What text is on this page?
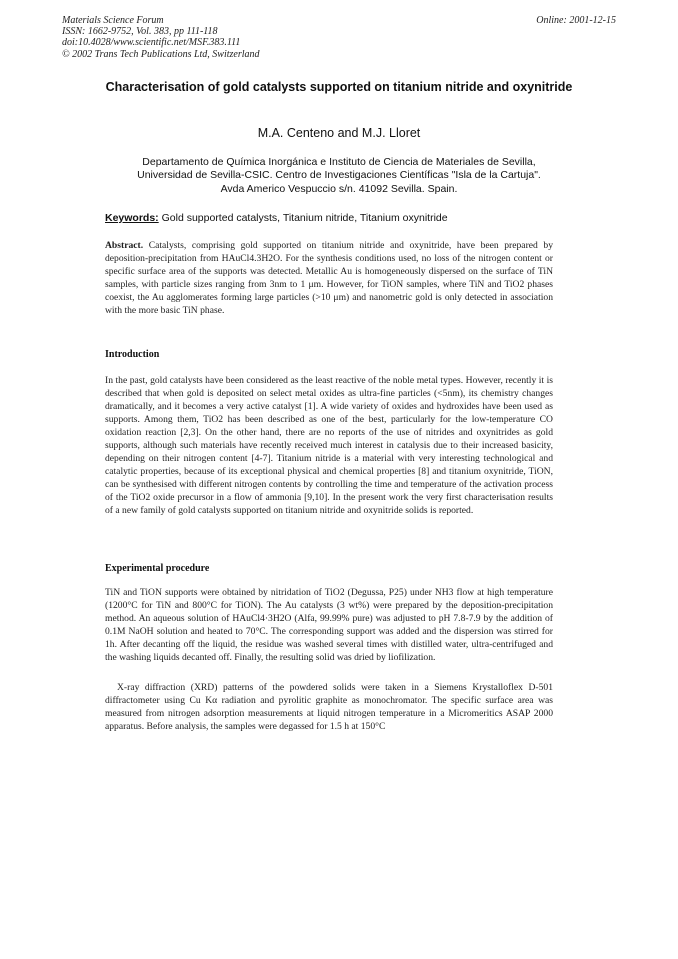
Materials Science Forum
ISSN: 1662-9752, Vol. 383, pp 111-118
doi:10.4028/www.scientific.net/MSF.383.111
© 2002 Trans Tech Publications Ltd, Switzerland
Online: 2001-12-15
Characterisation of gold catalysts supported on titanium nitride and oxynitride
M.A. Centeno and M.J. Lloret
Departamento de Química Inorgánica e Instituto de Ciencia de Materiales de Sevilla,
Universidad de Sevilla-CSIC. Centro de Investigaciones Científicas "Isla de la Cartuja".
Avda Americo Vespuccio s/n. 41092 Sevilla. Spain.
Keywords: Gold supported catalysts, Titanium nitride, Titanium oxynitride
Abstract. Catalysts, comprising gold supported on titanium nitride and oxynitride, have been prepared by deposition-precipitation from HAuCl4.3H2O. For the synthesis conditions used, no loss of the nitrogen content or specific surface area of the supports was detected. Metallic Au is homogeneously dispersed on the surface of TiN samples, with particle sizes ranging from 3nm to 1 μm. However, for TiON samples, where TiN and TiO2 phases coexist, the Au agglomerates forming large particles (>10 μm) and nanometric gold is only detected in association with the more basic TiN phase.
Introduction
In the past, gold catalysts have been considered as the least reactive of the noble metal types. However, recently it is described that when gold is deposited on select metal oxides as ultra-fine particles (<5nm), its chemistry changes dramatically, and it becomes a very active catalyst [1]. A wide variety of oxides and hydroxides have been used as supports. Among them, TiO2 has been described as one of the best, particularly for the low-temperature CO oxidation reaction [2,3]. On the other hand, there are no reports of the use of nitrides and oxynitrides as gold supports, although such materials have recently received much interest in catalysis due to their increased basicity, depending on their nitrogen content [4-7]. Titanium nitride is a material with very interesting technological and catalytic properties, because of its exceptional physical and chemical properties [8] and titanium oxynitride, TiON, can be synthesised with different nitrogen contents by controlling the time and temperature of the activation process of the TiO2 oxide precursor in a flow of ammonia [9,10]. In the present work the very first characterisation results of a new family of gold catalysts supported on titanium nitride and oxynitride solids is reported.
Experimental procedure
TiN and TiON supports were obtained by nitridation of TiO2 (Degussa, P25) under NH3 flow at high temperature (1200°C for TiN and 800°C for TiON). The Au catalysts (3 wt%) were prepared by the deposition-precipitation method. An aqueous solution of HAuCl4·3H2O (Alfa, 99.99% pure) was adjusted to pH 7.8-7.9 by the addition of 0.1M NaOH solution and heated to 70°C. The corresponding support was added and the dispersion was stirred for 1h. After decanting off the liquid, the residue was washed several times with distilled water, ultra-centrifuged and the washing liquids decanted off. Finally, the resulting solid was dried by liofilization.
X-ray diffraction (XRD) patterns of the powdered solids were taken in a Siemens Krystalloflex D-501 diffractometer using Cu Kα radiation and pyrolitic graphite as monochromator. The specific surface area was measured from nitrogen adsorption measurements at liquid nitrogen temperature in a Micromeritics ASAP 2000 apparatus. Before analysis, the samples were degassed for 1.5 h at 150°C
